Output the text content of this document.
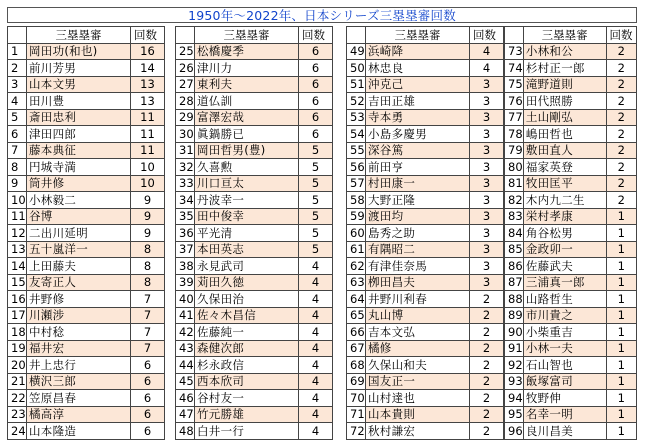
1950年〜2022年、日本シリーズ三塁塁審回数
	三塁塁審	回数
1	岡田功(和也)	16
2	前川芳男	14
3	山本文男	13
4	田川豊	13
5	斎田忠利	11
6	津田四郎	11
7	藤本典征	11
8	円城寺満	10
9	筒井修	10
10	小林毅二	9
11	谷博	9
12	二出川延明	9
13	五十嵐洋一	8
14	上田藤夫	8
15	友寄正人	8
16	井野修	7
17	川瀬涉	7
18	中村稔	7
19	福井宏	7
20	井上忠行	6
21	横沢三郎	6
22	笠原昌春	6
23	橘高淳	6
24	山本隆造	6
	三塁塁審	回数
25	松橋慶季	6
26	津川力	6
27	東利夫	6
28	道仏訓	6
29	富澤宏哉	6
30	眞鍋勝已	6
31	岡田哲男(豊)	5
32	久喜勲	5
33	川口亘太	5
34	丹波幸一	5
35	田中俊幸	5
36	平光清	5
37	本田英志	5
38	永見武司	4
39	苅田久徳	4
40	久保田治	4
41	佐々木昌信	4
42	佐藤純一	4
43	森健次郎	4
44	杉永政信	4
45	西本欣司	4
46	谷村友一	4
47	竹元勝雄	4
48	白井一行	4
	三塁塁審	回数
49	浜崎降	4
50	林忠良	4
51	沖克己	3
52	吉田正雄	3
53	寺本勇	3
54	小島多慶男	3
55	深谷篤	3
56	前田亨	3
57	村田康一	3
58	大野正隆	3
59	渡田均	3
60	島秀之助	3
61	有隅昭二	3
62	有津佳奈馬	3
63	栁田昌夫	3
64	井野川利春	2
65	丸山博	2
66	吉本文弘	2
67	橘修	2
68	久保山和夫	2
69	国友正一	2
70	山村達也	2
71	山本貴則	2
72	秋村謙宏	2
	三塁塁審	回数
73	小林和公	2
74	杉村正一郎	2
75	滝野道則	2
76	田代照勝	2
77	土山剛弘	2
78	嶋田哲也	2
79	敷田直人	2
80	福家英登	2
81	牧田匡平	2
82	木内九二生	2
83	栄村孝康	1
84	角谷松男	1
85	金政卯一	1
86	佐藤武夫	1
87	三浦真一郎	1
88	山路哲生	1
89	市川貴之	1
90	小柴重吉	1
91	小林一夫	1
92	石山智也	1
93	飯塚富司	1
94	牧野伸	1
95	名幸一明	1
96	良川昌美	1
